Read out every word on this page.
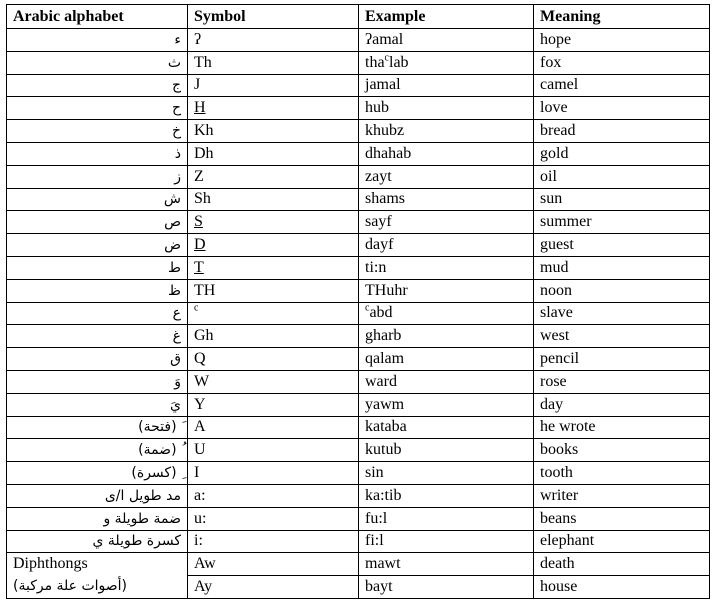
Arabic alphabet	Symbol	Example	Meaning
ء	ʔ	ʔamal	hope
ث	Th	tha$^c$lab	fox
ج	J	jamal	camel
ح	H	hub	love
خ	Kh	khubz	bread
ذ	Dh	dhahab	gold
ز	Z	zayt	oil
ش	Sh	shams	sun
ص	S	sayf	summer
ض	D	dayf	guest
ط	T	ti:n	mud
ظ	TH	THuhr	noon
ع	$^c$	$^c$abd	slave
غ	Gh	gharb	west
ق	Q	qalam	pencil
وَ	W	ward	rose
يَ	Y	yawm	day
َ (فتحة)	A	kataba	he wrote
ُ (ضمة)	U	kutub	books
ِ (كسرة)	I	sin	tooth
مد طويل ا/ى	a:	ka:tib	writer
ضمة طويلة و	u:	fu:l	beans
كسرة طويلة ي	i:	fi:l	elephant

Diphthongs
(أصوات علة مركبة)	Aw	mawt	death
	Ay	bayt	house
